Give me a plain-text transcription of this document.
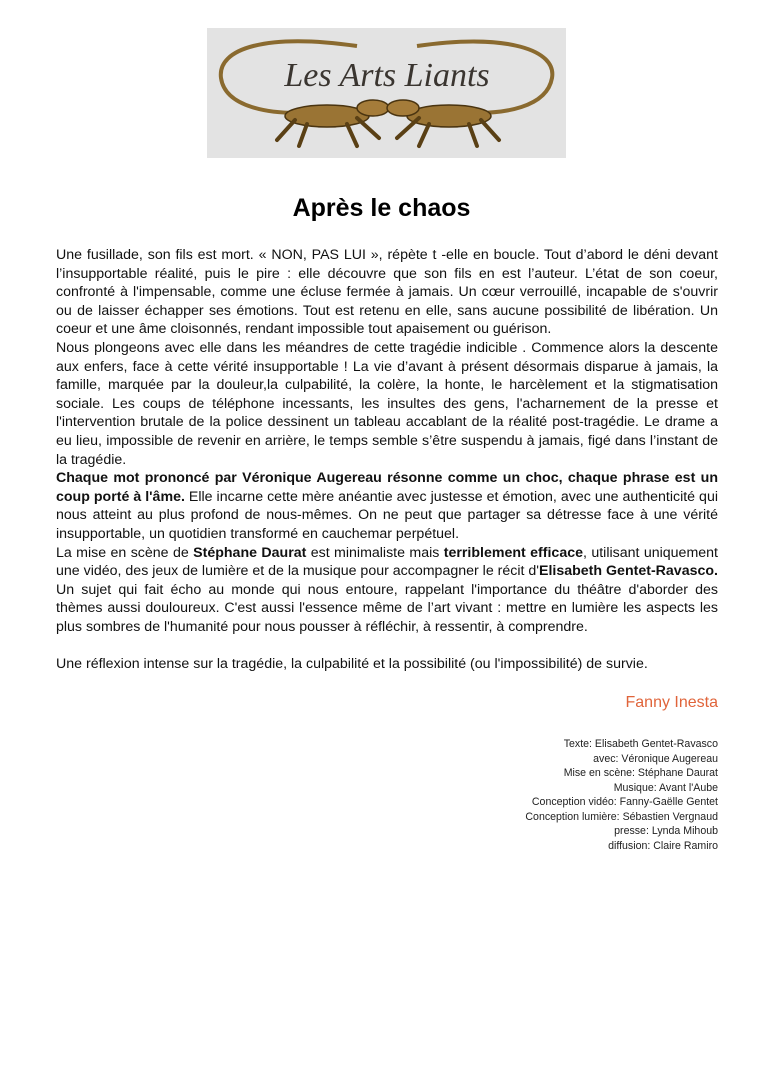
Les Arts Liants
Après le chaos

Une fusillade, son fils est mort. « NON, PAS LUI », répète t -elle en boucle. Tout d’abord le déni devant l’insupportable réalité, puis le pire : elle découvre que son fils en est l’auteur. L’état de son coeur, confronté à l'impensable, comme une écluse fermée à jamais. Un cœur verrouillé, incapable de s'ouvrir ou de laisser échapper ses émotions. Tout est retenu en elle, sans aucune possibilité de libération. Un coeur et une âme cloisonnés, rendant impossible tout apaisement ou guérison.

Nous plongeons avec elle dans les méandres de cette tragédie indicible . Commence alors la descente aux enfers, face à cette vérité insupportable ! La vie d’avant à présent désormais disparue à jamais, la famille, marquée par la douleur,la culpabilité, la colère, la honte, le harcèlement et la stigmatisation sociale. Les coups de téléphone incessants, les insultes des gens, l'acharnement de la presse et l'intervention brutale de la police dessinent un tableau accablant de la réalité post-tragédie. Le drame a eu lieu, impossible de revenir en arrière, le temps semble s’être suspendu à jamais, figé dans l’instant de la tragédie.

Chaque mot prononcé par Véronique Augereau résonne comme un choc, chaque phrase est un coup porté à l'âme. Elle incarne cette mère anéantie avec justesse et émotion, avec une authenticité qui nous atteint au plus profond de nous-mêmes. On ne peut que partager sa détresse face à une vérité insupportable, un quotidien transformé en cauchemar perpétuel.

La mise en scène de Stéphane Daurat est minimaliste mais terriblement efficace, utilisant uniquement une vidéo, des jeux de lumière et de la musique pour accompagner le récit d'Elisabeth Gentet-Ravasco.

Un sujet qui fait écho au monde qui nous entoure, rappelant l'importance du théâtre d'aborder des thèmes aussi douloureux. C'est aussi l'essence même de l’art vivant : mettre en lumière les aspects les plus sombres de l'humanité pour nous pousser à réfléchir, à ressentir, à comprendre.

Une réflexion intense sur la tragédie, la culpabilité et la possibilité (ou l'impossibilité) de survie.

Fanny Inesta
Texte: Elisabeth Gentet-Ravasco
avec: Véronique Augereau
Mise en scène: Stéphane Daurat
Musique: Avant l'Aube
Conception vidéo: Fanny-Gaëlle Gentet
Conception lumière: Sébastien Vergnaud
presse: Lynda Mihoub
diffusion: Claire Ramiro
